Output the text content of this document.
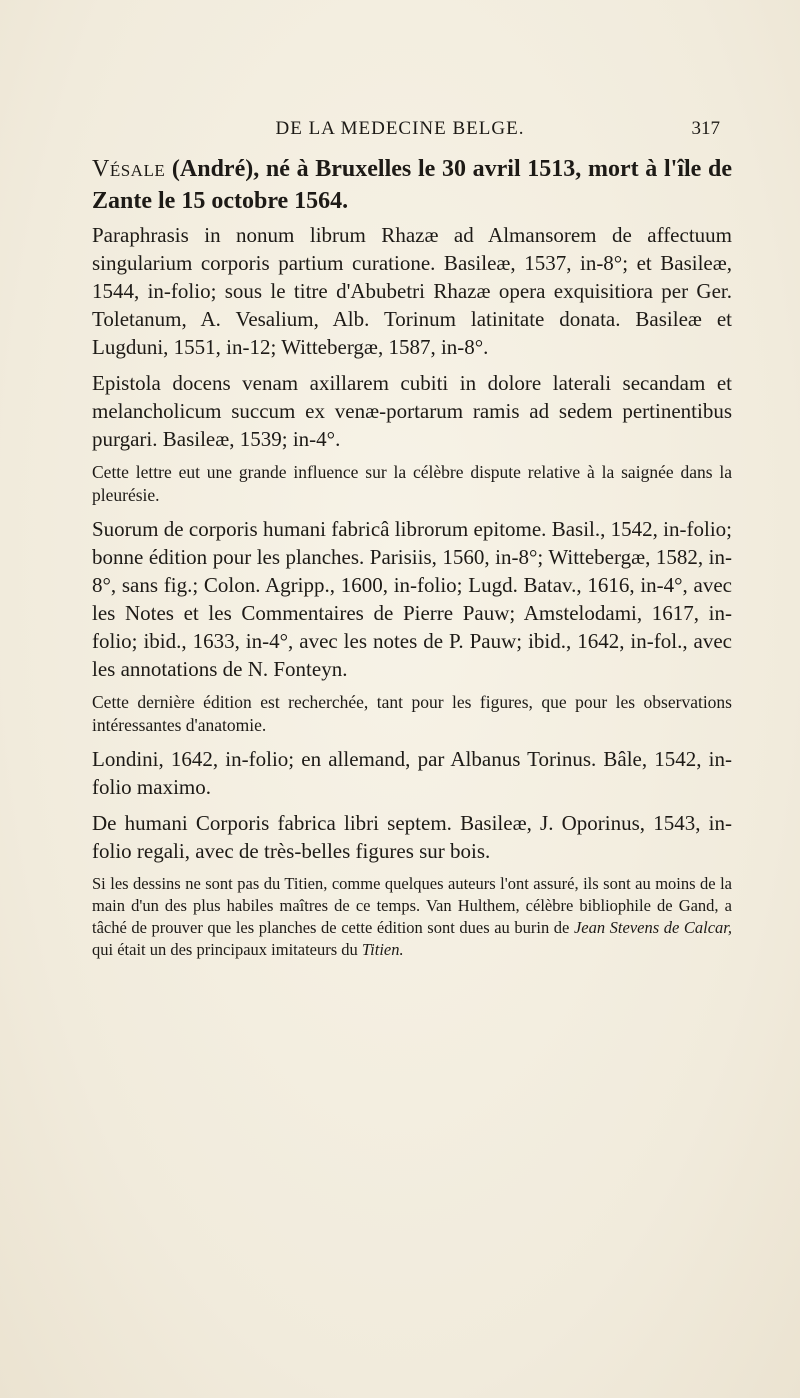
DE LA MEDECINE BELGE.	317

Vésale (André), né à Bruxelles le 30 avril 1513, mort à l'île de Zante le 15 octobre 1564.

Paraphrasis in nonum librum Rhazæ ad Almansorem de affectuum singularium corporis partium curatione. Basileæ, 1537, in-8°; et Basileæ, 1544, in-folio; sous le titre d'Abubetri Rhazæ opera exquisitiora per Ger. Toletanum, A. Vesalium, Alb. Torinum latinitate donata. Basileæ et Lugduni, 1551, in-12; Wittebergæ, 1587, in-8°.

Epistola docens venam axillarem cubiti in dolore laterali secandam et melancholicum succum ex venæ-portarum ramis ad sedem pertinentibus purgari. Basileæ, 1539; in-4°.

Cette lettre eut une grande influence sur la célèbre dispute relative à la saignée dans la pleurésie.

Suorum de corporis humani fabricâ librorum epitome. Basil., 1542, in-folio; bonne édition pour les planches. Parisiis, 1560, in-8°; Wittebergæ, 1582, in-8°, sans fig.; Colon. Agripp., 1600, in-folio; Lugd. Batav., 1616, in-4°, avec les Notes et les Commentaires de Pierre Pauw; Amstelodami, 1617, in-folio; ibid., 1633, in-4°, avec les notes de P. Pauw; ibid., 1642, in-fol., avec les annotations de N. Fonteyn.

Cette dernière édition est recherchée, tant pour les figures, que pour les observations intéressantes d'anatomie.

Londini, 1642, in-folio; en allemand, par Albanus Torinus. Bâle, 1542, in-folio maximo.

De humani Corporis fabrica libri septem. Basileæ, J. Oporinus, 1543, in-folio regali, avec de très-belles figures sur bois.

Si les dessins ne sont pas du Titien, comme quelques auteurs l'ont assuré, ils sont au moins de la main d'un des plus habiles maîtres de ce temps. Van Hulthem, célèbre bibliophile de Gand, a tâché de prouver que les planches de cette édition sont dues au burin de Jean Stevens de Calcar, qui était un des principaux imitateurs du Titien.
